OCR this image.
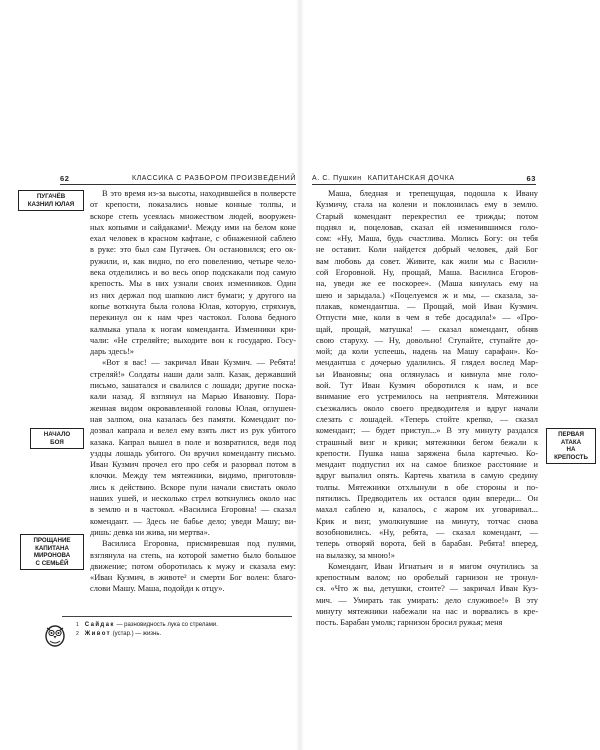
62	КЛАССИКА С РАЗБОРОМ ПРОИЗВЕДЕНИЙ
ПУГАЧЁВ
КАЗНИЛ ЮЛАЯ
НАЧАЛО
БОЯ
ПРОЩАНИЕ
КАПИТАНА
МИРОНОВА
С СЕМЬЁЙ
В это время из-за высоты, находившейся в полверсте
от крепости, показались новые конные толпы, и
вскоре степь усеялась множеством людей, вооружен-
ных копьями и сайдаками¹. Между ими на белом коне
ехал человек в красном кафтане, с обнаженной саблею
в руке: это был сам Пугачев. Он остановился; его ок-
ружили, и, как видно, по его повелению, четыре чело-
века отделились и во весь опор подскакали под самую
крепость. Мы в них узнали своих изменников. Один
из них держал под шапкою лист бумаги; у другого на
копье воткнута была голова Юлая, которую, стряхнув,
перекинул он к нам чрез частокол. Голова бедного
калмыка упала к ногам коменданта. Изменники кри-
чали: «Не стреляйте; выходите вон к государю. Госу-
дарь здесь!»
«Вот я вас! — закричал Иван Кузмич. — Ребята!
стреляй!» Солдаты наши дали залп. Казак, державший
письмо, зашатался и свалился с лошади; другие поска-
кали назад. Я взглянул на Марью Ивановну. Пора-
женная видом окровавленной головы Юлая, оглушен-
ная залпом, она казалась без памяти. Комендант по-
дозвал капрала и велел ему взять лист из рук убитого
казака. Капрал вышел в поле и возвратился, ведя под
уздцы лошадь убитого. Он вручил коменданту письмо.
Иван Кузмич прочел его про себя и разорвал потом в
клочки. Между тем мятежники, видимо, приготовля-
лись к действию. Вскоре пули начали свистать около
наших ушей, и несколько стрел воткнулись около нас
в землю и в частокол. «Василиса Егоровна! — сказал
комендант. — Здесь не бабье дело; уведи Машу; ви-
дишь: девка ни жива, ни мертва».
Василиса Егоровна, присмиревшая под пулями,
взглянула на степь, на которой заметно было большое
движение; потом оборотилась к мужу и сказала ему:
«Иван Кузмич, в животе² и смерти Бог волен: благо-
слови Машу. Маша, подойди к отцу».
1 Сайдак — разновидность лука со стрелами.
2 Живот (устар.) — жизнь.
А. С. Пушкин КАПИТАНСКАЯ ДОЧКА	63
ПЕРВАЯ АТАКА
НА КРЕПОСТЬ
Маша, бледная и трепещущая, подошла к Ивану
Кузмичу, стала на колени и поклонилась ему в землю.
Старый комендант перекрестил ее трижды; потом
поднял и, поцеловав, сказал ей изменившимся голо-
сом: «Ну, Маша, будь счастлива. Молись Богу: он тебя
не оставит. Коли найдется добрый человек, дай Бог
вам любовь да совет. Живите, как жили мы с Васили-
сой Егоровной. Ну, прощай, Маша. Василиса Егоров-
на, уведи же ее поскорее». (Маша кинулась ему на
шею и зарыдала.) «Поцелуемся ж и мы, — сказала, за-
плакав, комендантша. — Прощай, мой Иван Кузмич.
Отпусти мне, коли в чем я тебе досадила!» — «Про-
щай, прощай, матушка! — сказал комендант, обняв
свою старуху. — Ну, довольно! Ступайте, ступайте до-
мой; да коли успеешь, надень на Машу сарафан». Ко-
мендантша с дочерью удалились. Я глядел вослед Мар-
ьи Ивановны; она оглянулась и кивнула мне голо-
вой. Тут Иван Кузмич оборотился к нам, и все
внимание его устремилось на неприятеля. Мятежники
съезжались около своего предводителя и вдруг начали
слезать с лошадей. «Теперь стойте крепко, — сказал
комендант; — будет приступ...» В эту минуту раздался
страшный визг и крики; мятежники бегом бежали к
крепости. Пушка наша заряжена была картечью. Ко-
мендант подпустил их на самое близкое расстояние и
вдруг выпалил опять. Картечь хватила в самую средину
толпы. Мятежники отхлынули в обе стороны и по-
пятились. Предводитель их остался один впереди... Он
махал саблею и, казалось, с жаром их уговаривал...
Крик и визг, умолкнувшие на минуту, тотчас снова
возобновились. «Ну, ребята, — сказал комендант, —
теперь отворяй ворота, бей в барабан. Ребята! вперед,
на вылазку, за мною!»
Комендант, Иван Игнатьич и я мигом очутились за
крепостным валом; но оробелый гарнизон не тронул-
ся. «Что ж вы, детушки, стоите? — закричал Иван Куз-
мич. — Умирать так умирать: дело служивое!» В эту
минуту мятежники набежали на нас и ворвались в кре-
пость. Барабан умолк; гарнизон бросил ружья; меня
